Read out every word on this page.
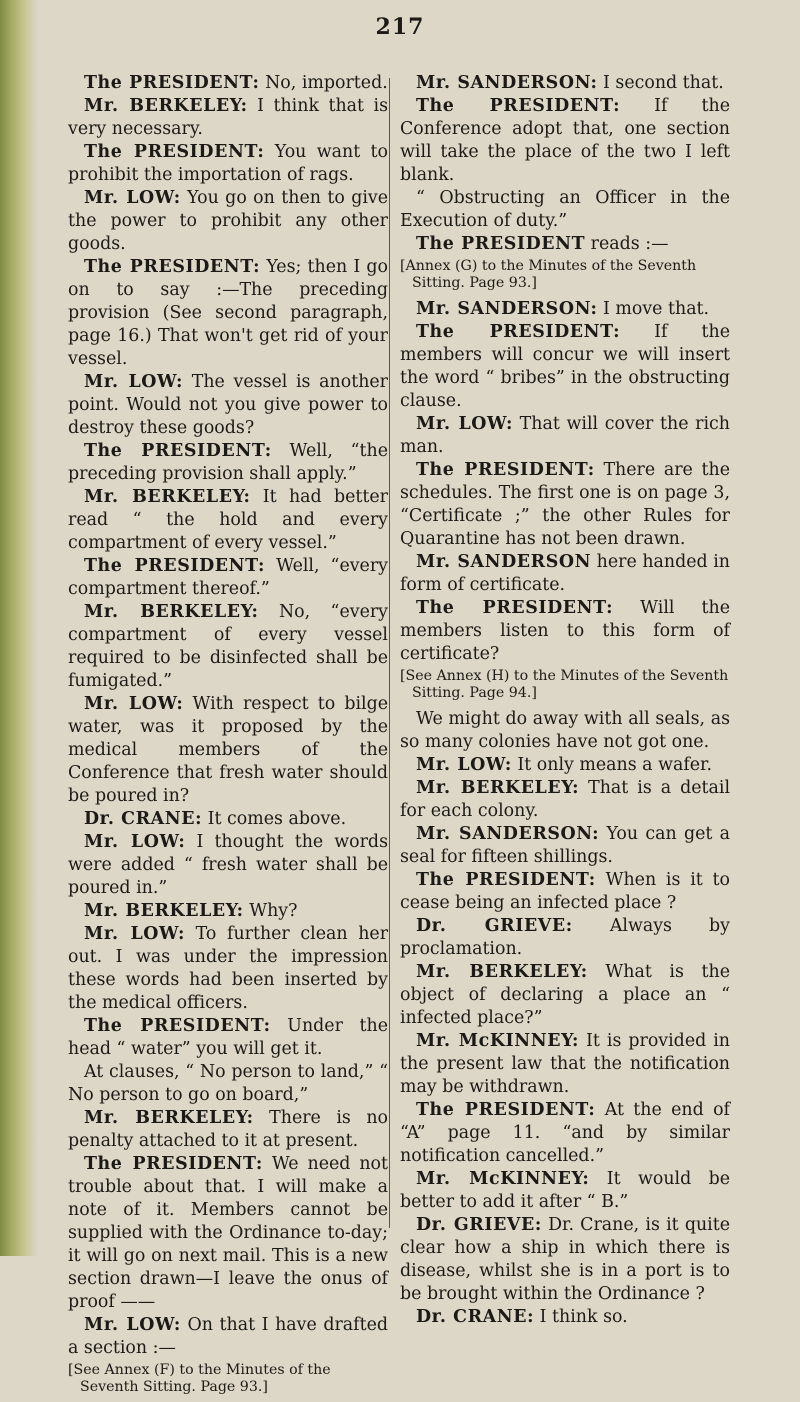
217

The PRESIDENT: No, imported.

Mr. BERKELEY: I think that is very necessary.

The PRESIDENT: You want to prohibit the importation of rags.

Mr. LOW: You go on then to give the power to prohibit any other goods.

The PRESIDENT: Yes; then I go on to say :—The preceding provision (See second paragraph, page 16.) That won't get rid of your vessel.

Mr. LOW: The vessel is another point. Would not you give power to destroy these goods?

The PRESIDENT: Well, “the preceding provision shall apply.”

Mr. BERKELEY: It had better read “ the hold and every compartment of every vessel.”

The PRESIDENT: Well, “every compartment thereof.”

Mr. BERKELEY: No, “every compartment of every vessel required to be disinfected shall be fumigated.”

Mr. LOW: With respect to bilge water, was it proposed by the medical members of the Conference that fresh water should be poured in?

Dr. CRANE: It comes above.

Mr. LOW: I thought the words were added “ fresh water shall be poured in.”

Mr. BERKELEY: Why?

Mr. LOW: To further clean her out. I was under the impression these words had been inserted by the medical officers.

The PRESIDENT: Under the head “ water” you will get it.

At clauses, “ No person to land,” “ No person to go on board,”

Mr. BERKELEY: There is no penalty attached to it at present.

The PRESIDENT: We need not trouble about that. I will make a note of it. Members cannot be supplied with the Ordinance to-day; it will go on next mail. This is a new section drawn—I leave the onus of proof ——

Mr. LOW: On that I have drafted a section :—

[See Annex (F) to the Minutes of the Seventh Sitting. Page 93.]

Mr. SANDERSON: I second that.

The PRESIDENT: If the Conference adopt that, one section will take the place of the two I left blank.

“ Obstructing an Officer in the Execution of duty.”

The PRESIDENT reads :—

[Annex (G) to the Minutes of the Seventh Sitting. Page 93.]

Mr. SANDERSON: I move that.

The PRESIDENT: If the members will concur we will insert the word “ bribes” in the obstructing clause.

Mr. LOW: That will cover the rich man.

The PRESIDENT: There are the schedules. The first one is on page 3, “Certificate ;” the other Rules for Quarantine has not been drawn.

Mr. SANDERSON here handed in form of certificate.

The PRESIDENT: Will the members listen to this form of certificate?

[See Annex (H) to the Minutes of the Seventh Sitting. Page 94.]

We might do away with all seals, as so many colonies have not got one.

Mr. LOW: It only means a wafer.

Mr. BERKELEY: That is a detail for each colony.

Mr. SANDERSON: You can get a seal for fifteen shillings.

The PRESIDENT: When is it to cease being an infected place ?

Dr. GRIEVE: Always by proclamation.

Mr. BERKELEY: What is the object of declaring a place an “ infected place?”

Mr. McKINNEY: It is provided in the present law that the notification may be withdrawn.

The PRESIDENT: At the end of “A” page 11. “and by similar notification cancelled.”

Mr. McKINNEY: It would be better to add it after “ B.”

Dr. GRIEVE: Dr. Crane, is it quite clear how a ship in which there is disease, whilst she is in a port is to be brought within the Ordinance ?

Dr. CRANE: I think so.
